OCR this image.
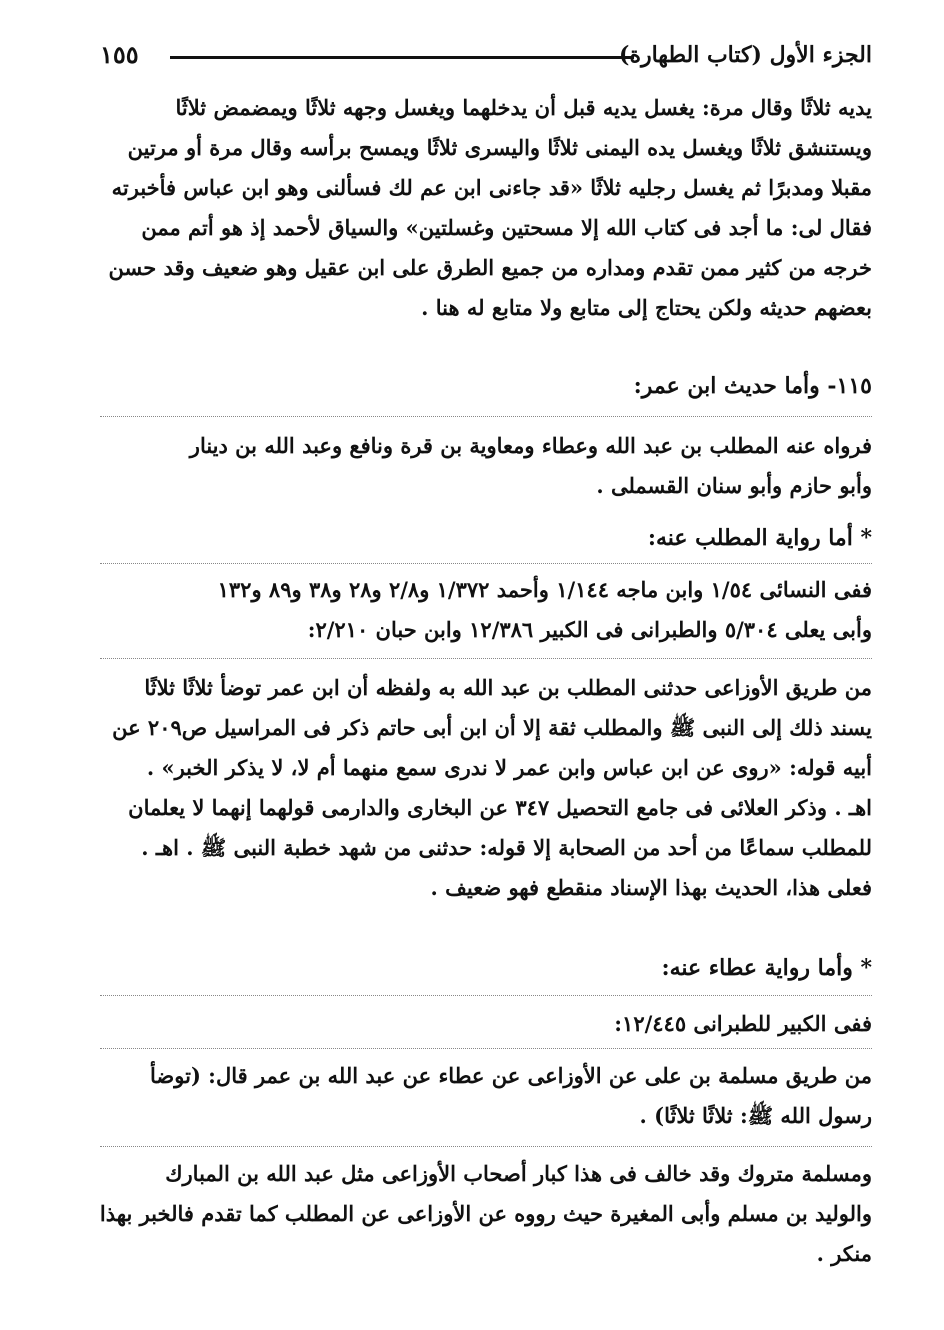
الجزء الأول (كتاب الطهارة)
١٥٥
يديه ثلاثًا وقال مرة: يغسل يديه قبل أن يدخلهما ويغسل وجهه ثلاثًا ويمضمض ثلاثًا
ويستنشق ثلاثًا ويغسل يده اليمنى ثلاثًا واليسرى ثلاثًا ويمسح برأسه وقال مرة أو مرتين
مقبلا ومدبرًا ثم يغسل رجليه ثلاثًا «قد جاءنى ابن عم لك فسألنى وهو ابن عباس فأخبرته
فقال لى: ما أجد فى كتاب الله إلا مسحتين وغسلتين» والسياق لأحمد إذ هو أتم ممن
خرجه من كثير ممن تقدم ومداره من جميع الطرق على ابن عقيل وهو ضعيف وقد حسن
بعضهم حديثه ولكن يحتاج إلى متابع ولا متابع له هنا .
١١٥- وأما حديث ابن عمر:
فرواه عنه المطلب بن عبد الله وعطاء ومعاوية بن قرة ونافع وعبد الله بن دينار
وأبو حازم وأبو سنان القسملى .
* أما رواية المطلب عنه:
ففى النسائى ١/٥٤ وابن ماجه ١/١٤٤ وأحمد ١/٣٧٢ و٢/٨ و٢٨ و٣٨ و٨٩ و١٣٢
وأبى يعلى ٥/٣٠٤ والطبرانى فى الكبير ١٢/٣٨٦ وابن حبان ٢/٢١٠:
من طريق الأوزاعى حدثنى المطلب بن عبد الله به ولفظه أن ابن عمر توضأ ثلاثًا ثلاثًا
يسند ذلك إلى النبى ﷺ والمطلب ثقة إلا أن ابن أبى حاتم ذكر فى المراسيل ص٢٠٩ عن
أبيه قوله: «روى عن ابن عباس وابن عمر لا ندرى سمع منهما أم لا، لا يذكر الخبر» .
اهـ . وذكر العلائى فى جامع التحصيل ٣٤٧ عن البخارى والدارمى قولهما إنهما لا يعلمان
للمطلب سماعًا من أحد من الصحابة إلا قوله: حدثنى من شهد خطبة النبى ﷺ . اهـ .
فعلى هذا، الحديث بهذا الإسناد منقطع فهو ضعيف .
* وأما رواية عطاء عنه:
ففى الكبير للطبرانى ١٢/٤٤٥:
من طريق مسلمة بن على عن الأوزاعى عن عطاء عن عبد الله بن عمر قال: (توضأ
رسول الله ﷺ: ثلاثًا ثلاثًا) .
ومسلمة متروك وقد خالف فى هذا كبار أصحاب الأوزاعى مثل عبد الله بن المبارك
والوليد بن مسلم وأبى المغيرة حيث رووه عن الأوزاعى عن المطلب كما تقدم فالخبر بهذا
منكر .
